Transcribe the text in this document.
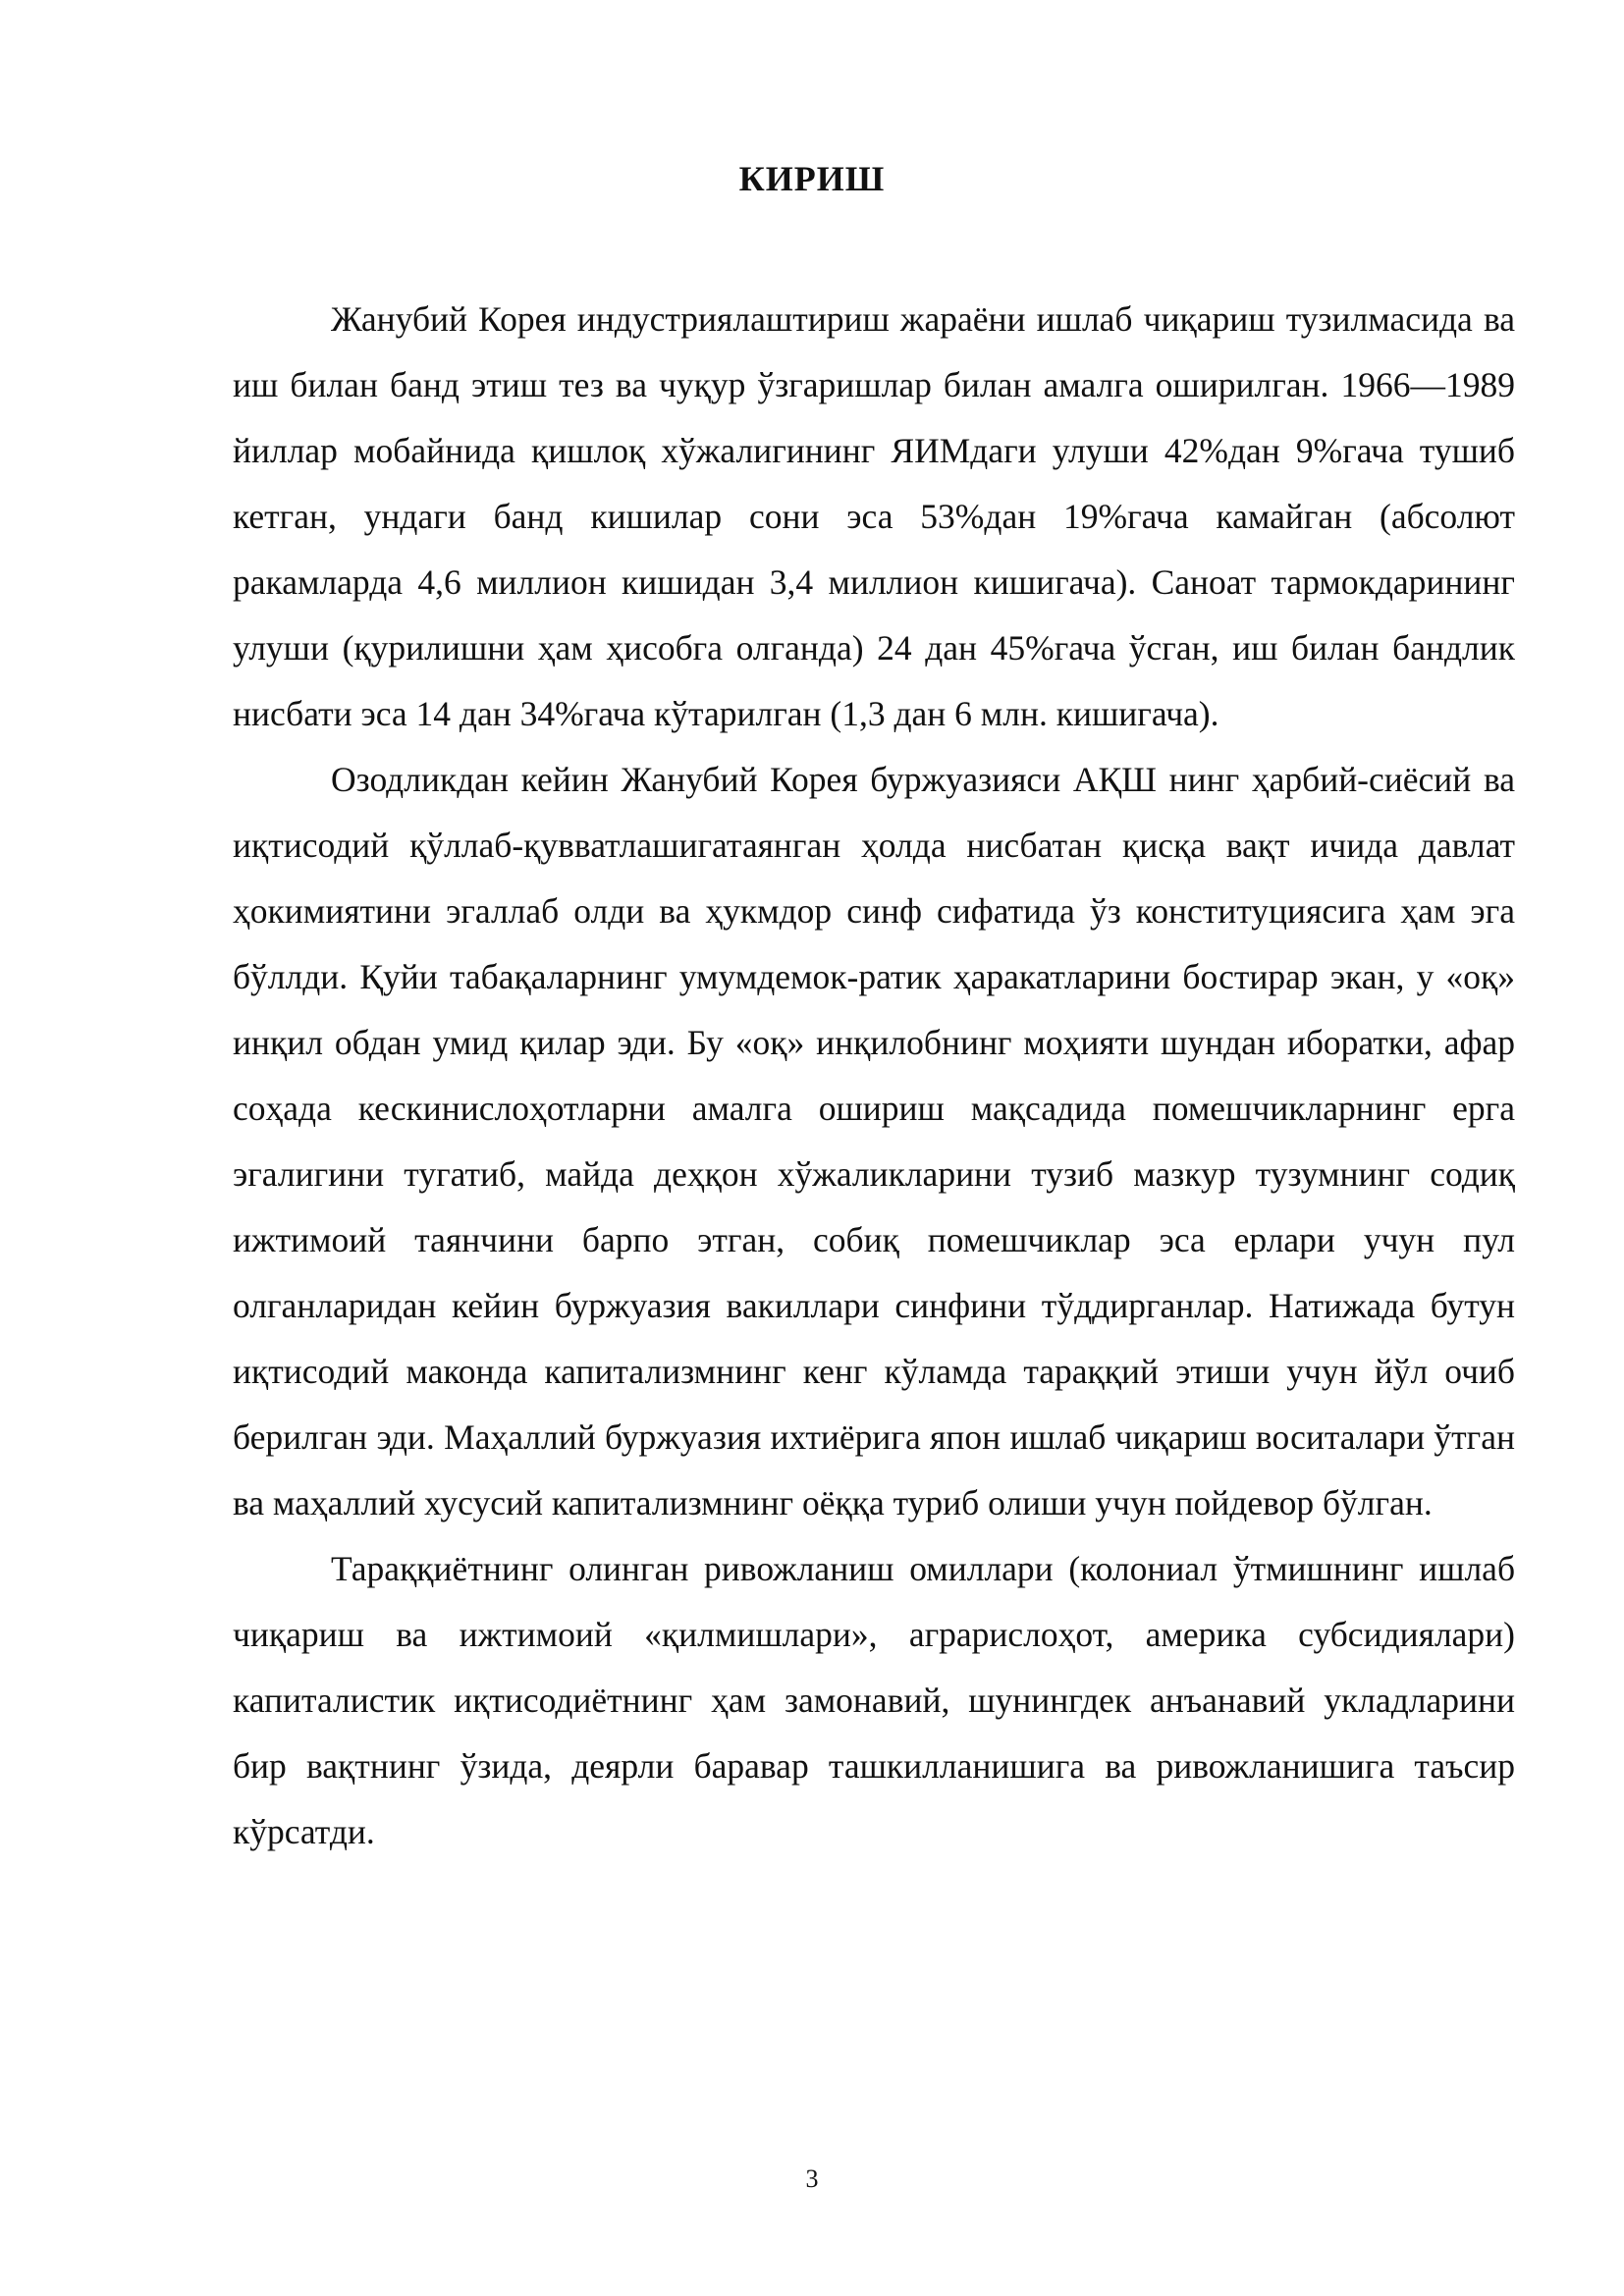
КИРИШ

Жанубий Корея индустриялаштириш жараёни ишлаб чиқариш тузилмасида ва иш билан банд этиш тез ва чуқур ўзгаришлар билан амалга оширилган. 1966—1989 йиллар мобайнида қишлоқ хўжалигининг ЯИМдаги улуши 42%дан 9%гача тушиб кетган, ундаги банд кишилар сони эса 53%дан 19%гача камайган (абсолют ракамларда 4,6 миллион кишидан 3,4 миллион кишигача). Саноат тармокдарининг улуши (қурилишни ҳам ҳисобга олганда) 24 дан 45%гача ўсган, иш билан бандлик нисбати эса 14 дан 34%гача кўтарилган (1,3 дан 6 млн. кишигача).

Озодликдан кейин Жанубий Корея буржуазияси АҚШ нинг ҳарбий-сиёсий ва иқтисодий қўллаб-қувватлашигатаянган ҳолда нисбатан қисқа вақт ичида давлат ҳокимиятини эгаллаб олди ва ҳукмдор синф сифатида ўз конституциясига ҳам эга бўллди. Қуйи табақаларнинг умумдемок-ратик ҳаракатларини бостирар экан, у «оқ» инқил обдан умид қилар эди. Бу «оқ» инқилобнинг моҳияти шундан иборатки, афар соҳада кескинислоҳотларни амалга ошириш мақсадида помешчикларнинг ерга эгалигини тугатиб, майда деҳқон хўжаликларини тузиб мазкур тузумнинг содиқ ижтимоий таянчини барпо этган, собиқ помешчиклар эса ерлари учун пул олганларидан кейин буржуазия вакиллари синфини тўддирганлар. Натижада бутун иқтисодий маконда капитализмнинг кенг кўламда тараққий этиши учун йўл очиб берилган эди. Маҳаллий буржуазия ихтиёрига япон ишлаб чиқариш воситалари ўтган ва маҳаллий хусусий капитализмнинг оёққа туриб олиши учун пойдевор бўлган.

Тараққиётнинг олинган ривожланиш омиллари (колониал ўтмишнинг ишлаб чиқариш ва ижтимоий «қилмишлари», аграрислоҳот, америка субсидиялари) капиталистик иқтисодиётнинг ҳам замонавий, шунингдек анъанавий укладларини бир вақтнинг ўзида, деярли баравар ташкилланишига ва ривожланишига таъсир кўрсатди.

3
